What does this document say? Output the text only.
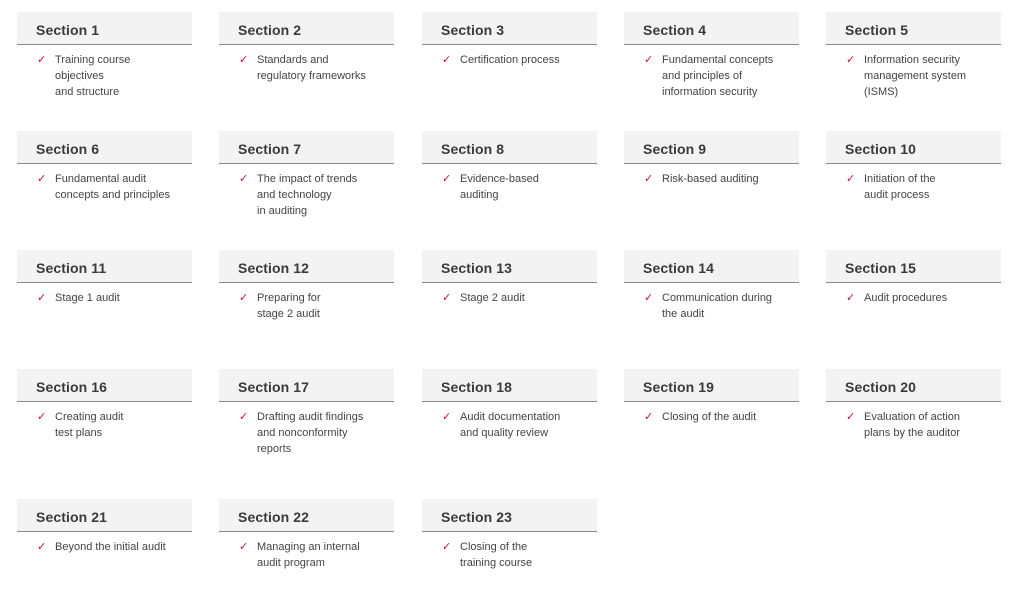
Section 1
✓ Training course
objectives
and structure
Section 2
✓ Standards and
regulatory frameworks
Section 3
✓ Certification process
Section 4
✓ Fundamental concepts
and principles of
information security
Section 5
✓ Information security
management system
(ISMS)
Section 6
✓ Fundamental audit
concepts and principles
Section 7
✓ The impact of trends
and technology
in auditing
Section 8
✓ Evidence-based
auditing
Section 9
✓ Risk-based auditing
Section 10
✓ Initiation of the
audit process
Section 11
✓ Stage 1 audit
Section 12
✓ Preparing for
stage 2 audit
Section 13
✓ Stage 2 audit
Section 14
✓ Communication during
the audit
Section 15
✓ Audit procedures
Section 16
✓ Creating audit
test plans
Section 17
✓ Drafting audit findings
and nonconformity
reports
Section 18
✓ Audit documentation
and quality review
Section 19
✓ Closing of the audit
Section 20
✓ Evaluation of action
plans by the auditor
Section 21
✓ Beyond the initial audit
Section 22
✓ Managing an internal
audit program
Section 23
✓ Closing of the
training course
